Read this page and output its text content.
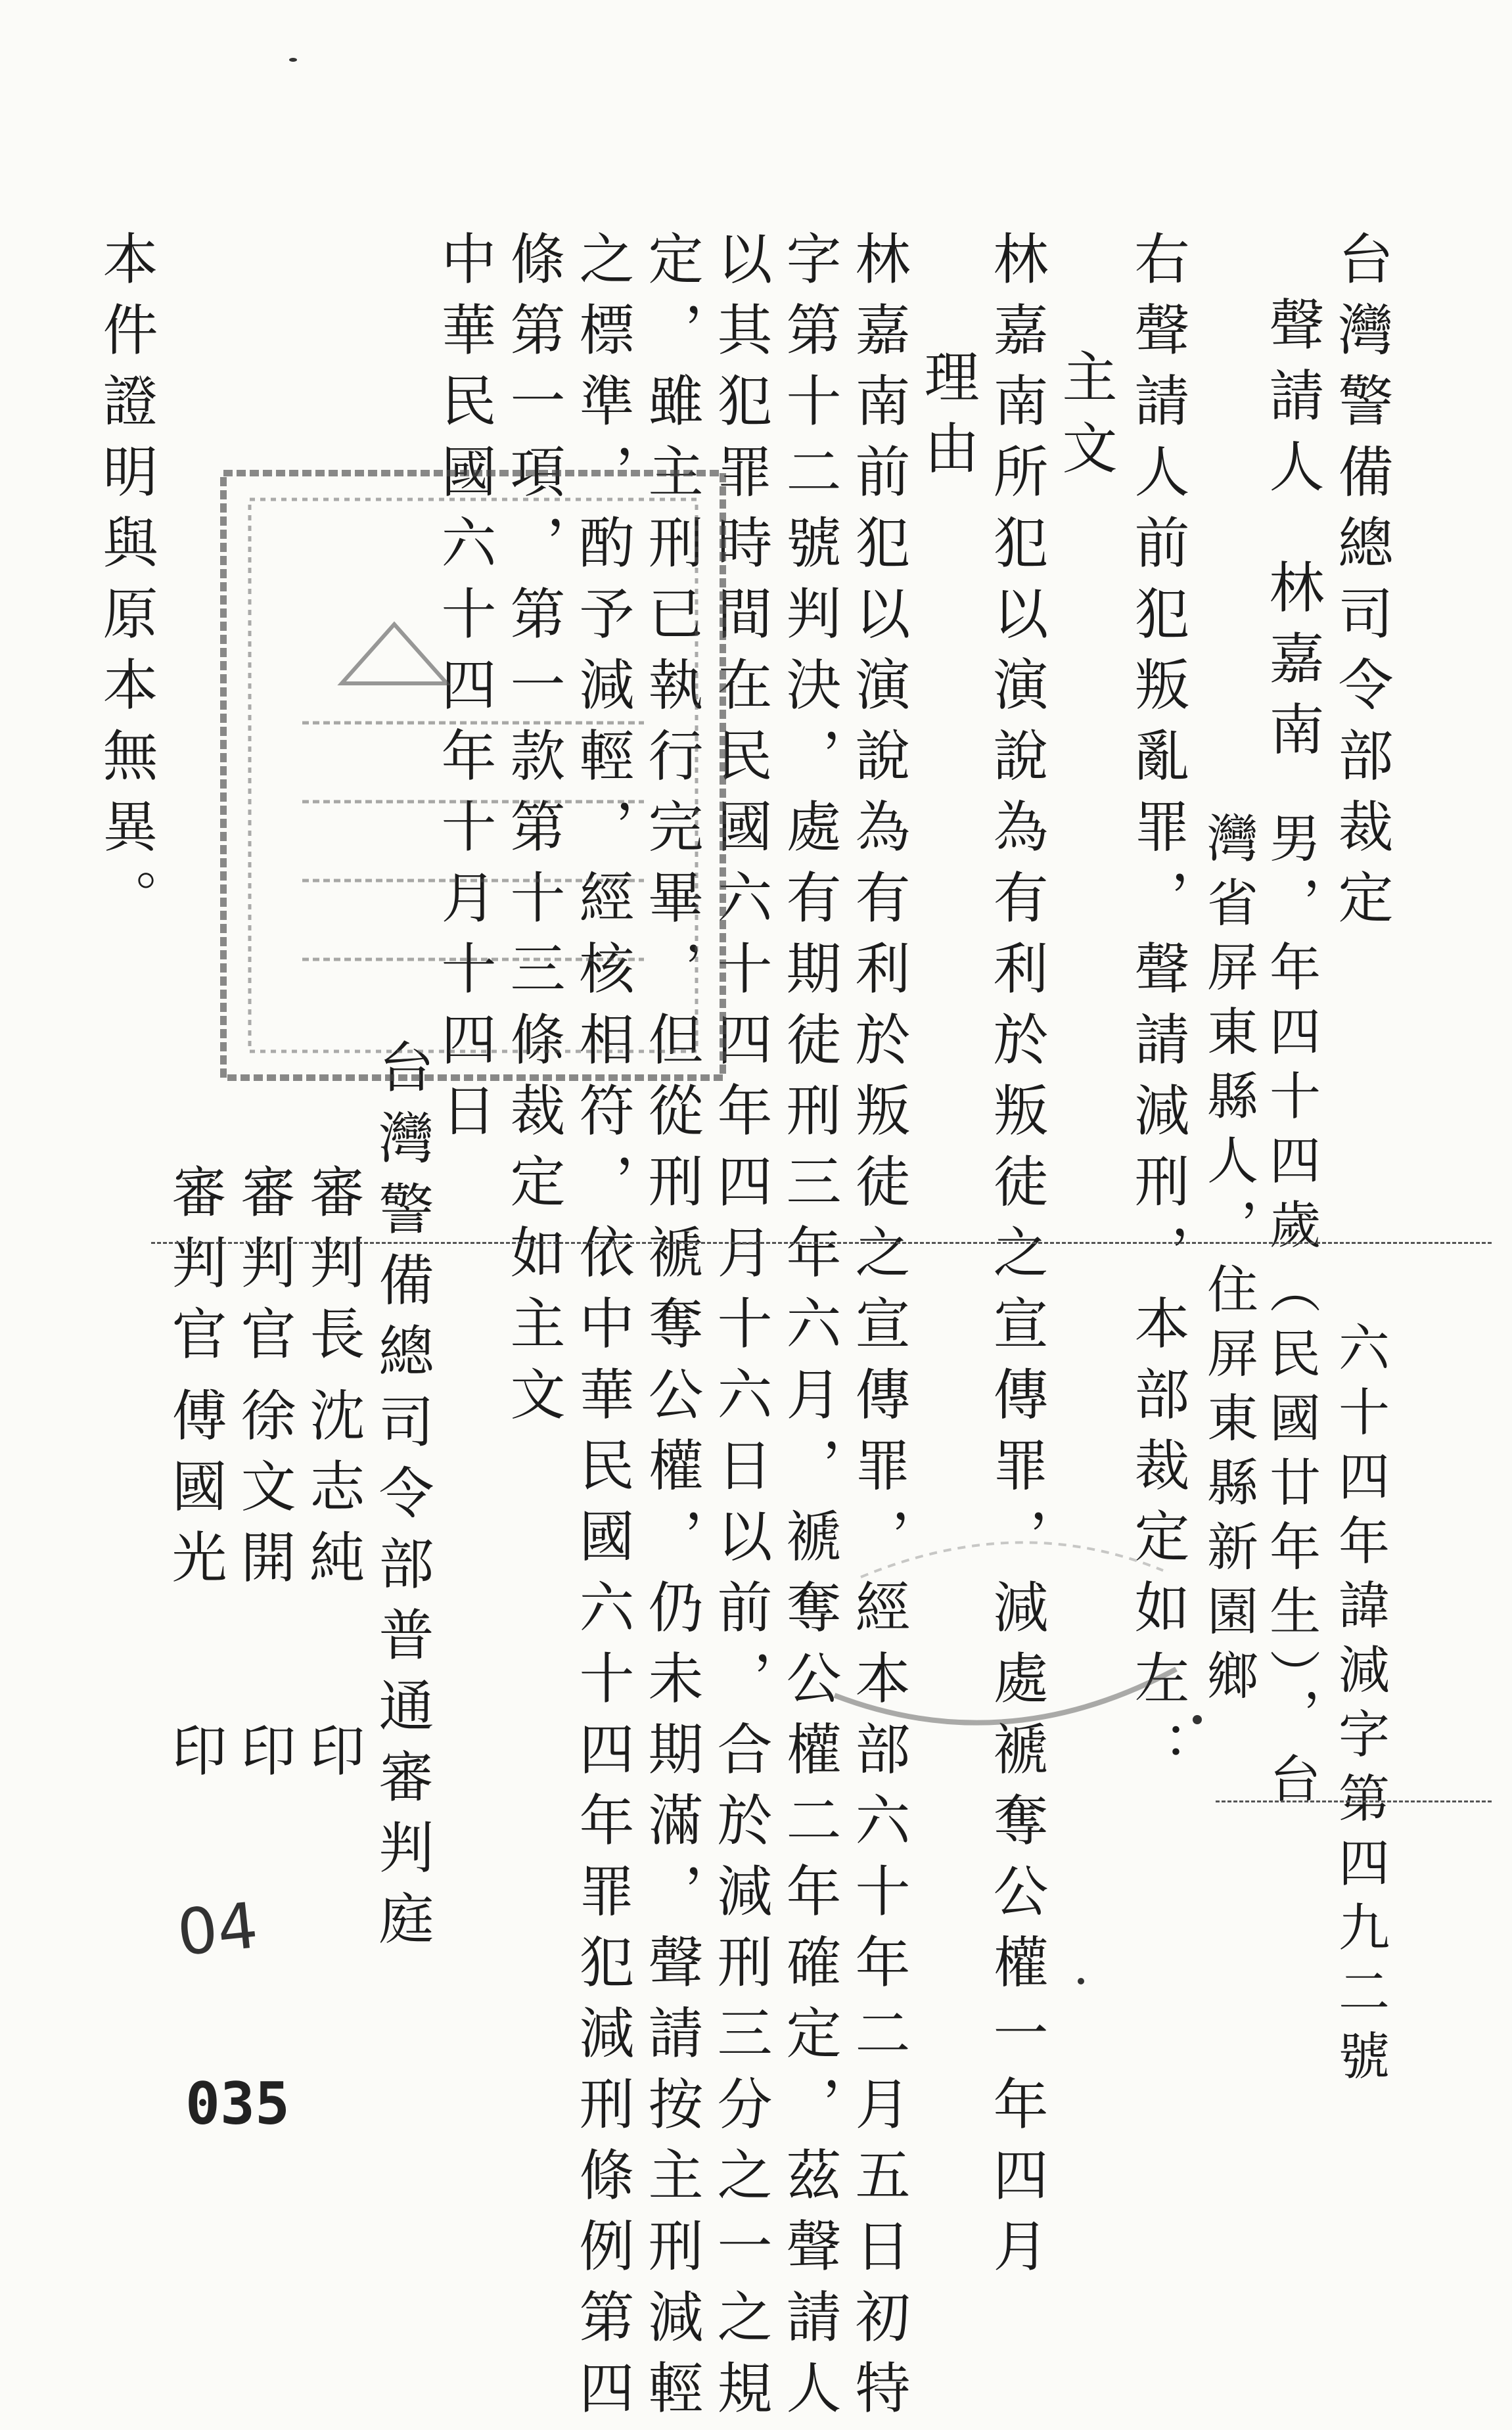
台灣警備總司令部裁定
六十四年諱減字第四九二號
聲請人
林嘉南
男，年四十四歲（民國廿年生），台
灣省屏東縣人，住屏東縣新園鄉
右聲請人前犯叛亂罪，聲請減刑，本部裁定如左：
主文
林嘉南所犯以演說為有利於叛徒之宣傳罪，減處褫奪公權一年四月
理由
林嘉南前犯以演說為有利於叛徒之宣傳罪，經本部六十年二月五日初特
字第十二號判決，處有期徒刑三年六月，褫奪公權二年確定，茲聲請人
以其犯罪時間在民國六十四年四月十六日以前，合於減刑三分之一之規
定，雖主刑已執行完畢，但從刑褫奪公權，仍未期滿，聲請按主刑減輕
之標準，酌予減輕，經核相符，依中華民國六十四年罪犯減刑條例第四
條第一項，第一款第十三條裁定如主文
中華民國六十四年十月十四日
台灣警備總司令部普通審判庭
審判長
沈志純
印
審判官
徐文開
印
審判官
傅國光
印
本件證明與原本無異。
04
035
